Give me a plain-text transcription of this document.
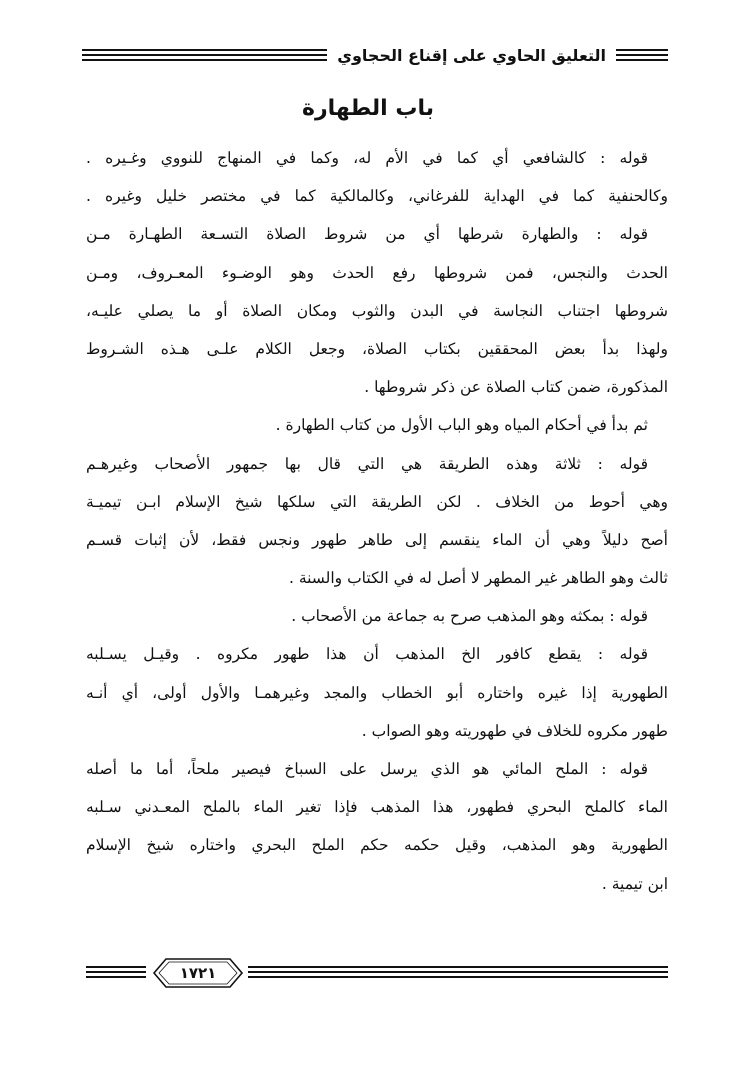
التعليق الحاوي على إقناع الحجاوي
باب الطهارة
قوله : كالشافعي أي كما في الأم له، وكما في المنهاج للنووي وغـيره .
وكالحنفية كما في الهداية للفرغاني، وكالمالكية كما في مختصر خليل وغيره .
قوله : والطهارة شرطها أي من شروط الصلاة التسـعة الطهـارة مـن
الحدث والنجس، فمن شروطها رفع الحدث وهو الوضـوء المعـروف، ومـن
شروطها اجتناب النجاسة في البدن والثوب ومكان الصلاة أو ما يصلي عليـه،
ولهذا بدأ بعض المحققين بكتاب الصلاة، وجعل الكلام علـى هـذه الشـروط
المذكورة، ضمن كتاب الصلاة عن ذكر شروطها .
ثم بدأ في أحكام المياه وهو الباب الأول من كتاب الطهارة .
قوله : ثلاثة وهذه الطريقة هي التي قال بها جمهور الأصحاب وغيرهـم
وهي أحوط من الخلاف . لكن الطريقة التي سلكها شيخ الإسلام ابـن تيميـة
أصح دليلاً وهي أن الماء ينقسم إلى طاهر طهور ونجس فقط، لأن إثبات قسـم
ثالث وهو الطاهر غير المطهر لا أصل له في الكتاب والسنة .
قوله : بمكثه وهو المذهب صرح به جماعة من الأصحاب .
قوله : يقطع كافور الخ المذهب أن هذا طهور مكروه . وقيـل يسـلبه
الطهورية إذا غيره واختاره أبو الخطاب والمجد وغيرهمـا والأول أولى، أي أنـه
طهور مكروه للخلاف في طهوريته وهو الصواب .
قوله : الملح المائي هو الذي يرسل على السباخ فيصير ملحاً، أما ما أصله
الماء كالملح البحري فطهور، هذا المذهب فإذا تغير الماء بالملح المعـدني سـلبه
الطهورية وهو المذهب، وقيل حكمه حكم الملح البحري واختاره شيخ الإسلام
ابن تيمية .
١٧٢١
